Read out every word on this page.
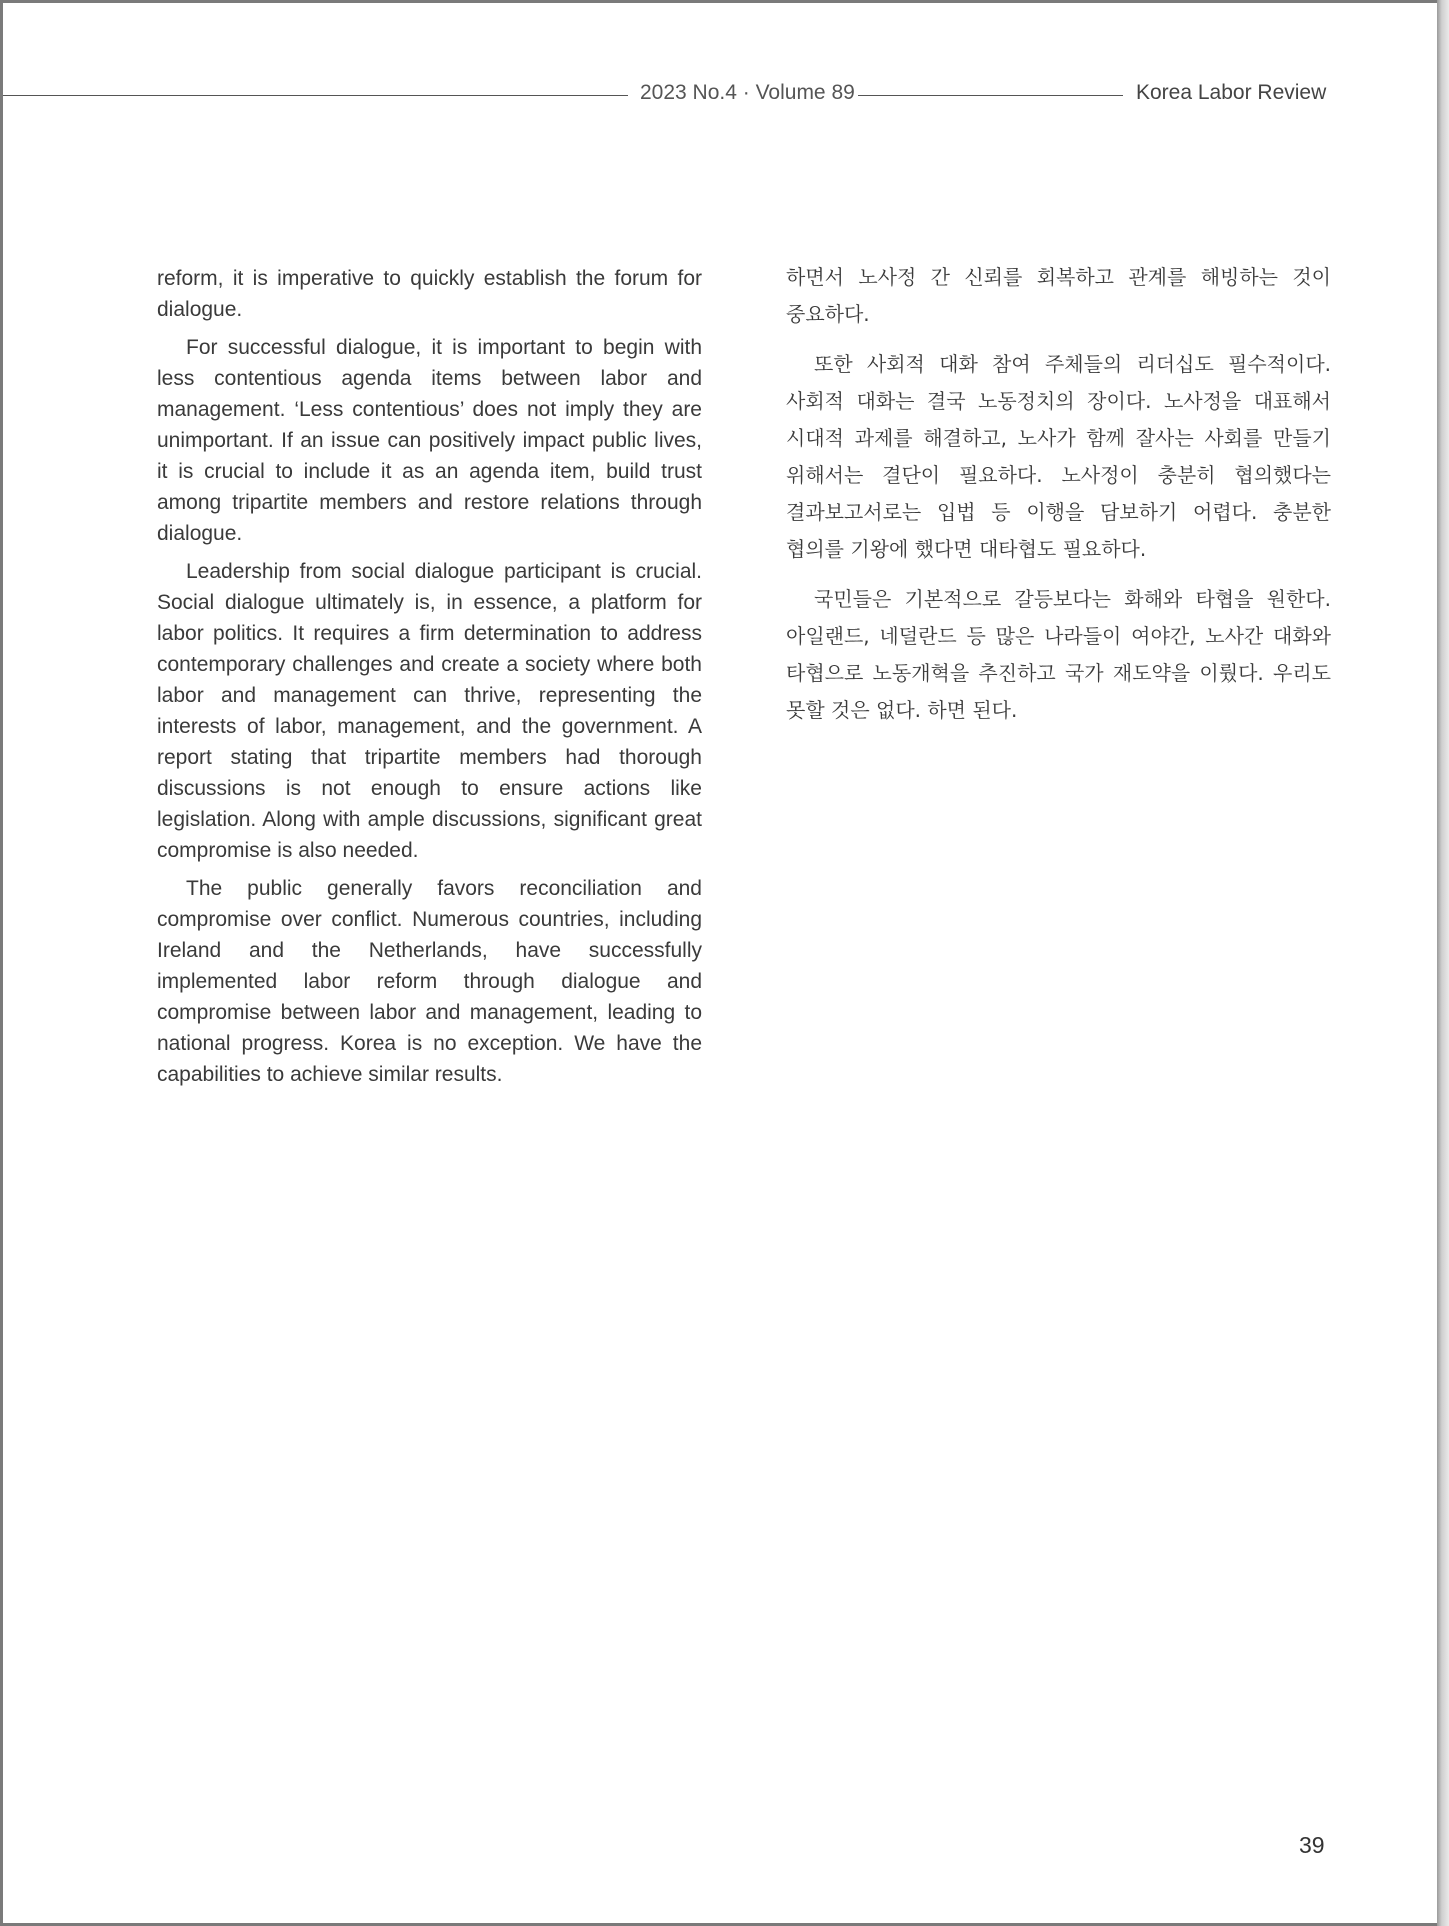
2023 No.4 · Volume 89	Korea Labor Review

reform, it is imperative to quickly establish the forum for dialogue.

For successful dialogue, it is important to begin with less contentious agenda items between labor and management. ‘Less contentious’ does not imply they are unimportant. If an issue can positively impact public lives, it is crucial to include it as an agenda item, build trust among tripartite members and restore relations through dialogue.

Leadership from social dialogue participant is crucial. Social dialogue ultimately is, in essence, a platform for labor politics. It requires a firm determination to address contemporary challenges and create a society where both labor and management can thrive, representing the interests of labor, management, and the government. A report stating that tripartite members had thorough discussions is not enough to ensure actions like legislation. Along with ample discussions, significant great compromise is also needed.

The public generally favors reconciliation and compromise over conflict. Numerous countries, including Ireland and the Netherlands, have successfully implemented labor reform through dialogue and compromise between labor and management, leading to national progress. Korea is no exception. We have the capabilities to achieve similar results.

하면서 노사정 간 신뢰를 회복하고 관계를 해빙하는 것이 중요하다.

또한 사회적 대화 참여 주체들의 리더십도 필수적이다. 사회적 대화는 결국 노동정치의 장이다. 노사정을 대표해서 시대적 과제를 해결하고, 노사가 함께 잘사는 사회를 만들기 위해서는 결단이 필요하다. 노사정이 충분히 협의했다는 결과보고서로는 입법 등 이행을 담보하기 어렵다. 충분한 협의를 기왕에 했다면 대타협도 필요하다.

국민들은 기본적으로 갈등보다는 화해와 타협을 원한다. 아일랜드, 네덜란드 등 많은 나라들이 여야간, 노사간 대화와 타협으로 노동개혁을 추진하고 국가 재도약을 이뤘다. 우리도 못할 것은 없다. 하면 된다.

39
